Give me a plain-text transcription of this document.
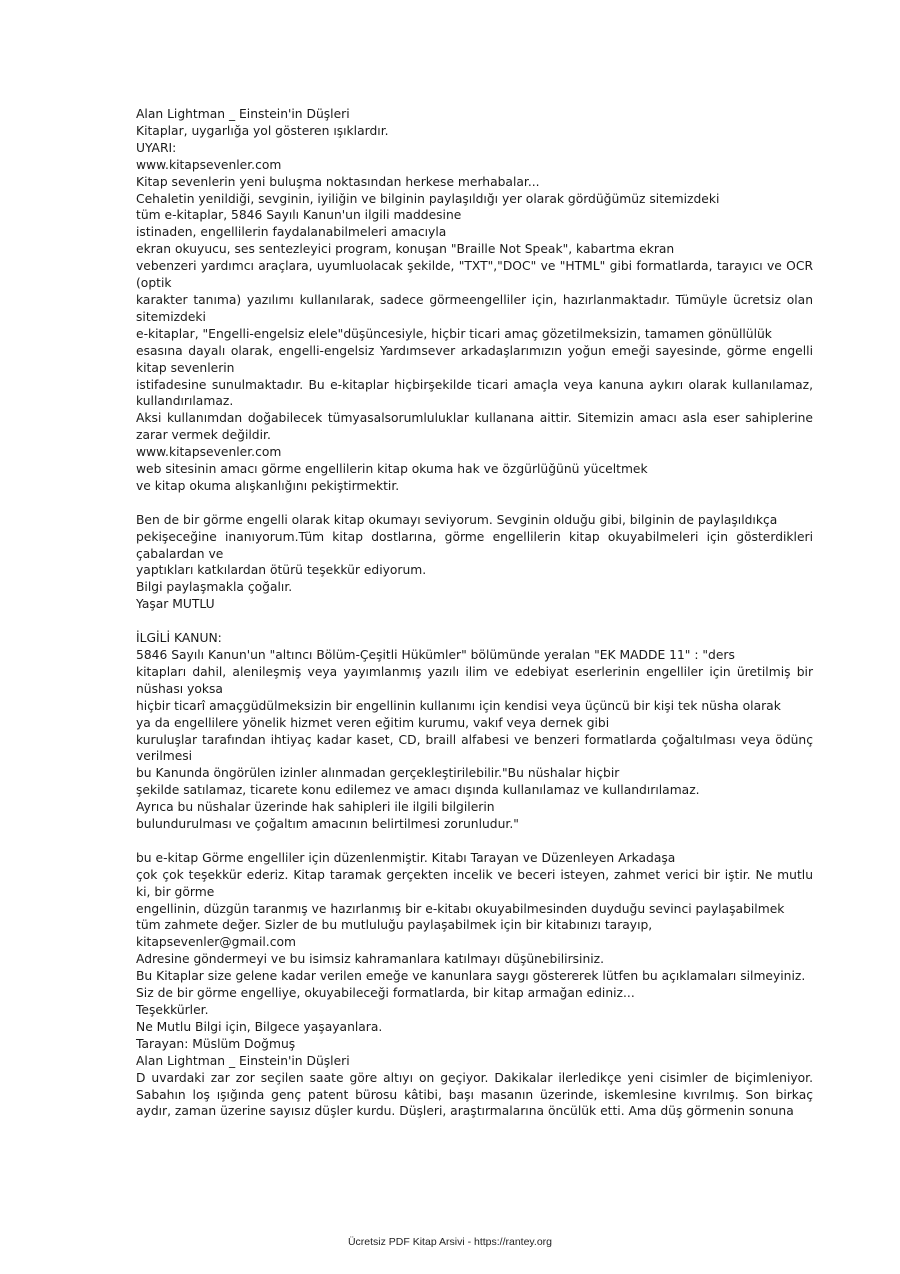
Alan Lightman _ Einstein'in Düşleri

Kitaplar, uygarlığa yol gösteren ışıklardır.

UYARI:

www.kitapsevenler.com

Kitap sevenlerin yeni buluşma noktasından herkese merhabalar...

Cehaletin yenildiği, sevginin, iyiliğin ve bilginin paylaşıldığı yer olarak gördüğümüz sitemizdeki

tüm e-kitaplar, 5846 Sayılı Kanun'un ilgili maddesine

istinaden, engellilerin faydalanabilmeleri amacıyla

ekran okuyucu, ses sentezleyici program, konuşan "Braille Not Speak", kabartma ekran

vebenzeri yardımcı araçlara, uyumluolacak şekilde, "TXT","DOC" ve "HTML" gibi formatlarda, tarayıcı ve OCR (optik

karakter tanıma) yazılımı kullanılarak, sadece görmeengelliler için, hazırlanmaktadır. Tümüyle ücretsiz olan sitemizdeki

e-kitaplar, "Engelli-engelsiz elele"düşüncesiyle, hiçbir ticari amaç gözetilmeksizin, tamamen gönüllülük

esasına dayalı olarak, engelli-engelsiz Yardımsever arkadaşlarımızın yoğun emeği sayesinde, görme engelli kitap sevenlerin

istifadesine sunulmaktadır. Bu e-kitaplar hiçbirşekilde ticari amaçla veya kanuna aykırı olarak kullanılamaz, kullandırılamaz.

Aksi kullanımdan doğabilecek tümyasalsorumluluklar kullanana aittir. Sitemizin amacı asla eser sahiplerine zarar vermek değildir.

www.kitapsevenler.com

web sitesinin amacı görme engellilerin kitap okuma hak ve özgürlüğünü yüceltmek

ve kitap okuma alışkanlığını pekiştirmektir.

Ben de bir görme engelli olarak kitap okumayı seviyorum. Sevginin olduğu gibi, bilginin de paylaşıldıkça

pekişeceğine inanıyorum.Tüm kitap dostlarına, görme engellilerin kitap okuyabilmeleri için gösterdikleri çabalardan ve

yaptıkları katkılardan ötürü teşekkür ediyorum.

Bilgi paylaşmakla çoğalır.

Yaşar MUTLU

İLGİLİ KANUN:

5846 Sayılı Kanun'un "altıncı Bölüm-Çeşitli Hükümler" bölümünde yeralan "EK MADDE 11" : "ders

kitapları dahil, alenileşmiş veya yayımlanmış yazılı ilim ve edebiyat eserlerinin engelliler için üretilmiş bir nüshası yoksa

hiçbir ticarî amaçgüdülmeksizin bir engellinin kullanımı için kendisi veya üçüncü bir kişi tek nüsha olarak

ya da engellilere yönelik hizmet veren eğitim kurumu, vakıf veya dernek gibi

kuruluşlar tarafından ihtiyaç kadar kaset, CD, braill alfabesi ve benzeri formatlarda çoğaltılması veya ödünç verilmesi

bu Kanunda öngörülen izinler alınmadan gerçekleştirilebilir."Bu nüshalar hiçbir

şekilde satılamaz, ticarete konu edilemez ve amacı dışında kullanılamaz ve kullandırılamaz.

Ayrıca bu nüshalar üzerinde hak sahipleri ile ilgili bilgilerin

bulundurulması ve çoğaltım amacının belirtilmesi zorunludur."

bu e-kitap Görme engelliler için düzenlenmiştir. Kitabı Tarayan ve Düzenleyen Arkadaşa

çok çok teşekkür ederiz. Kitap taramak gerçekten incelik ve beceri isteyen, zahmet verici bir iştir. Ne mutlu ki, bir görme

engellinin, düzgün taranmış ve hazırlanmış bir e-kitabı okuyabilmesinden duyduğu sevinci paylaşabilmek

tüm zahmete değer. Sizler de bu mutluluğu paylaşabilmek için bir kitabınızı tarayıp,

kitapsevenler@gmail.com

Adresine göndermeyi ve bu isimsiz kahramanlara katılmayı düşünebilirsiniz.

Bu Kitaplar size gelene kadar verilen emeğe ve kanunlara saygı göstererek lütfen bu açıklamaları silmeyiniz.

Siz de bir görme engelliye, okuyabileceği formatlarda, bir kitap armağan ediniz...

Teşekkürler.

Ne Mutlu Bilgi için, Bilgece yaşayanlara.

Tarayan: Müslüm Doğmuş

Alan Lightman _ Einstein'in Düşleri

D uvardaki zar zor seçilen saate göre altıyı on geçiyor. Dakikalar ilerledikçe yeni cisimler de biçimleniyor. Sabahın loş ışığında genç patent bürosu kâtibi, başı masanın üzerinde, iskemlesine kıvrılmış. Son birkaç aydır, zaman üzerine sayısız düşler kurdu. Düşleri, araştırmalarına öncülük etti. Ama düş görmenin sonuna

Ücretsiz PDF Kitap Arsivi - https://rantey.org
